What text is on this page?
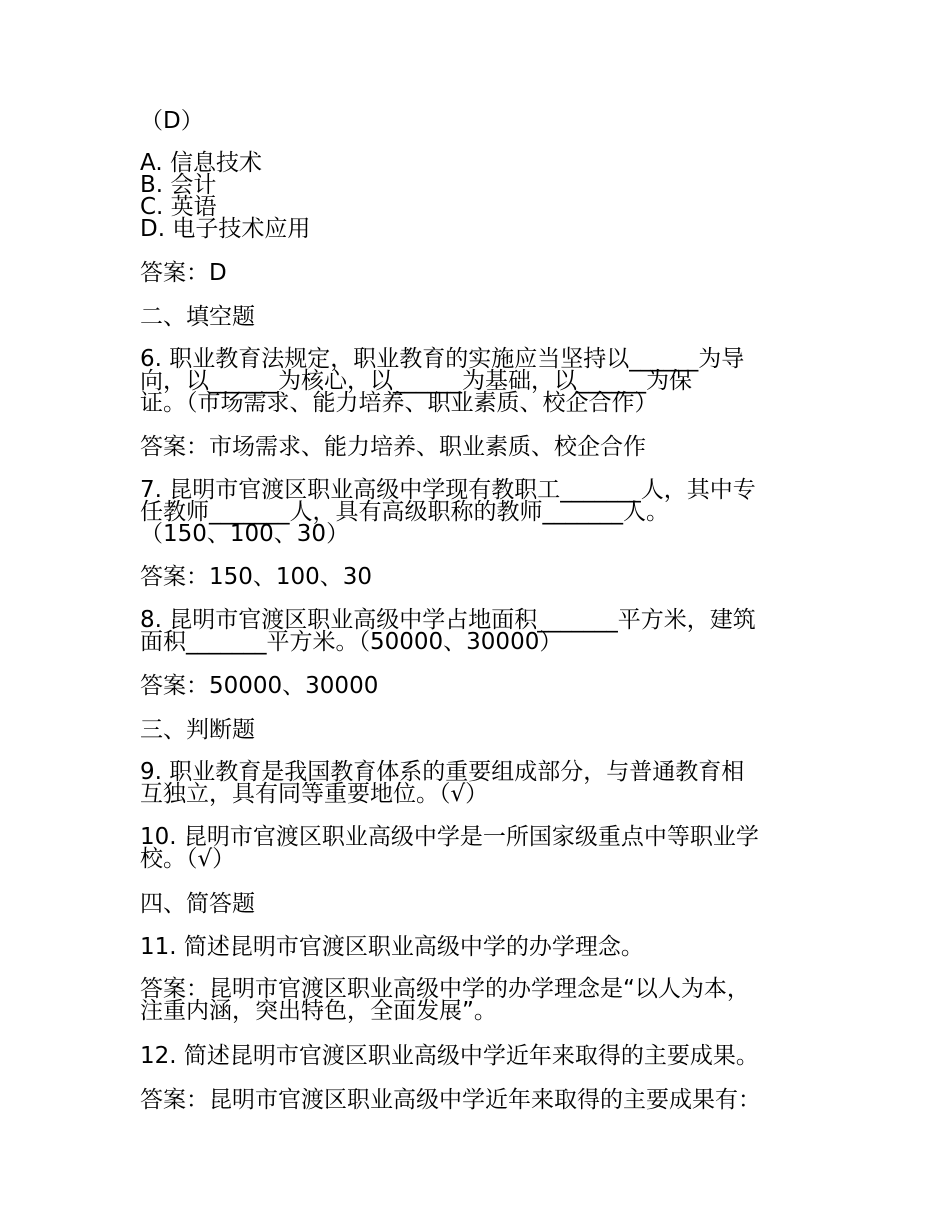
（D）
A. 信息技术
B. 会计
C. 英语
D. 电子技术应用
答案：D
二、填空题
6. 职业教育法规定，职业教育的实施应当坚持以______为导
向，以______为核心，以______为基础，以______为保
证。（市场需求、能力培养、职业素质、校企合作）
答案：市场需求、能力培养、职业素质、校企合作
7. 昆明市官渡区职业高级中学现有教职工_______人，其中专
任教师_______人，具有高级职称的教师_______人。
（150、100、30）
答案：150、100、30
8. 昆明市官渡区职业高级中学占地面积_______平方米，建筑
面积_______平方米。（50000、30000）
答案：50000、30000
三、判断题
9. 职业教育是我国教育体系的重要组成部分，与普通教育相
互独立，具有同等重要地位。（√）
10. 昆明市官渡区职业高级中学是一所国家级重点中等职业学
校。（√）
四、简答题
11. 简述昆明市官渡区职业高级中学的办学理念。
答案：昆明市官渡区职业高级中学的办学理念是“以人为本，
注重内涵，突出特色，全面发展”。
12. 简述昆明市官渡区职业高级中学近年来取得的主要成果。
答案：昆明市官渡区职业高级中学近年来取得的主要成果有：
